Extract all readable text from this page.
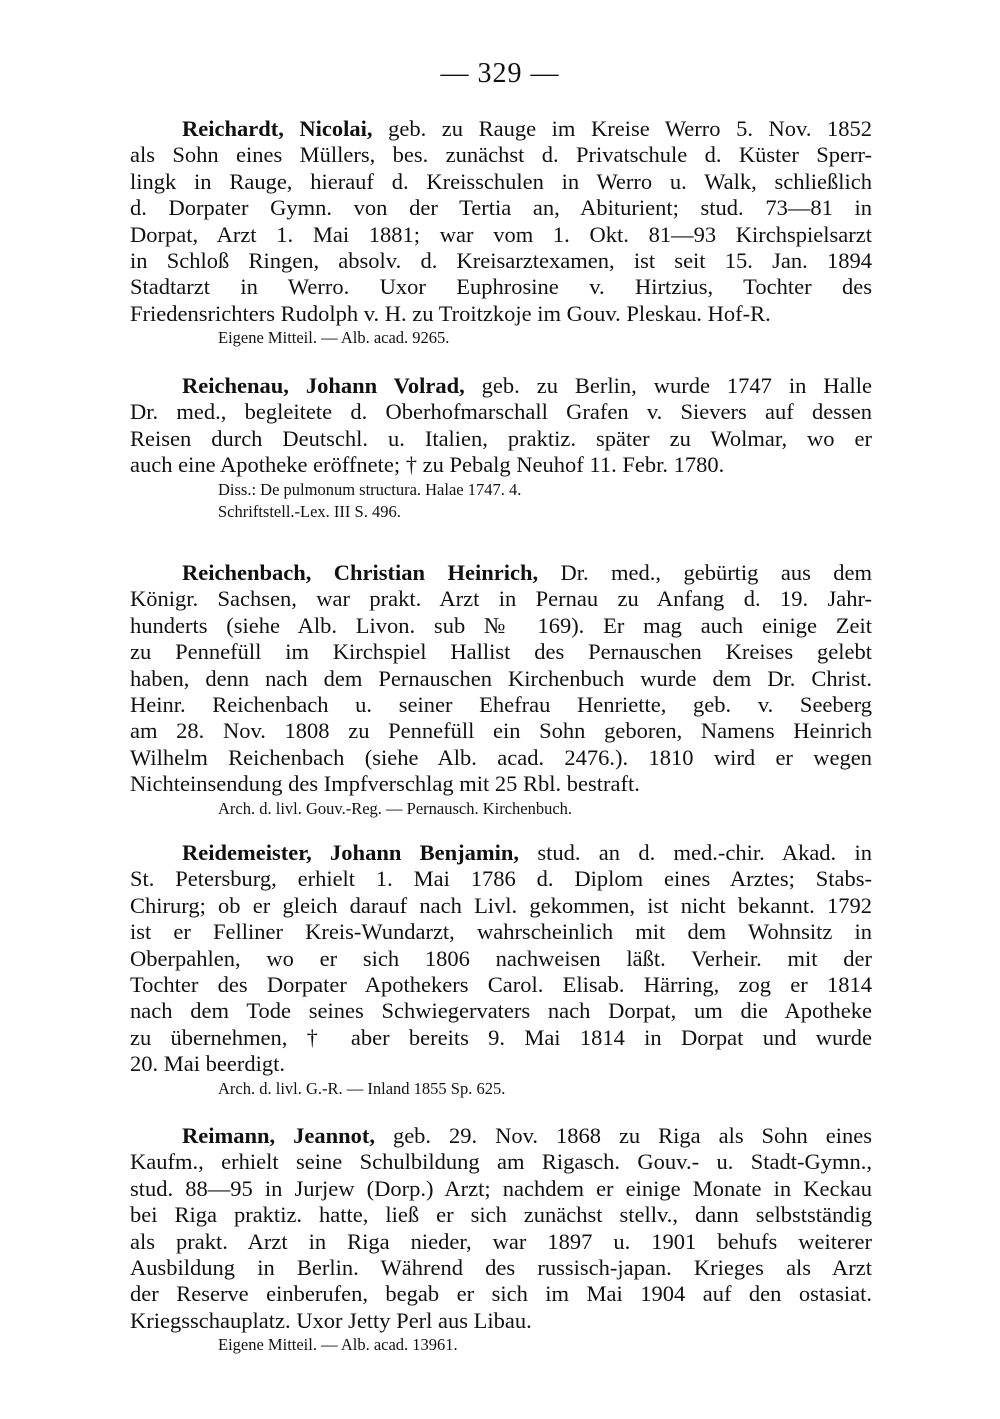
— 329 —
Reichardt, Nicolai, geb. zu Rauge im Kreise Werro 5. Nov. 1852
als Sohn eines Müllers, bes. zunächst d. Privatschule d. Küster Sperr-
lingk in Rauge, hierauf d. Kreisschulen in Werro u. Walk, schließlich
d. Dorpater Gymn. von der Tertia an, Abiturient; stud. 73—81 in
Dorpat, Arzt 1. Mai 1881; war vom 1. Okt. 81—93 Kirchspielsarzt
in Schloß Ringen, absolv. d. Kreisarztexamen, ist seit 15. Jan. 1894
Stadtarzt in Werro. Uxor Euphrosine v. Hirtzius, Tochter des
Friedensrichters Rudolph v. H. zu Troitzkoje im Gouv. Pleskau. Hof-R.
Eigene Mitteil. — Alb. acad. 9265.
Reichenau, Johann Volrad, geb. zu Berlin, wurde 1747 in Halle
Dr. med., begleitete d. Oberhofmarschall Grafen v. Sievers auf dessen
Reisen durch Deutschl. u. Italien, praktiz. später zu Wolmar, wo er
auch eine Apotheke eröffnete; † zu Pebalg Neuhof 11. Febr. 1780.
Diss.: De pulmonum structura. Halae 1747. 4.
Schriftstell.-Lex. III S. 496.
Reichenbach, Christian Heinrich, Dr. med., gebürtig aus dem
Königr. Sachsen, war prakt. Arzt in Pernau zu Anfang d. 19. Jahr-
hunderts (siehe Alb. Livon. sub № 169). Er mag auch einige Zeit
zu Pennefüll im Kirchspiel Hallist des Pernauschen Kreises gelebt
haben, denn nach dem Pernauschen Kirchenbuch wurde dem Dr. Christ.
Heinr. Reichenbach u. seiner Ehefrau Henriette, geb. v. Seeberg
am 28. Nov. 1808 zu Pennefüll ein Sohn geboren, Namens Heinrich
Wilhelm Reichenbach (siehe Alb. acad. 2476.). 1810 wird er wegen
Nichteinsendung des Impfverschlag mit 25 Rbl. bestraft.
Arch. d. livl. Gouv.-Reg. — Pernausch. Kirchenbuch.
Reidemeister, Johann Benjamin, stud. an d. med.-chir. Akad. in
St. Petersburg, erhielt 1. Mai 1786 d. Diplom eines Arztes; Stabs-
Chirurg; ob er gleich darauf nach Livl. gekommen, ist nicht bekannt. 1792
ist er Felliner Kreis-Wundarzt, wahrscheinlich mit dem Wohnsitz in
Oberpahlen, wo er sich 1806 nachweisen läßt. Verheir. mit der
Tochter des Dorpater Apothekers Carol. Elisab. Härring, zog er 1814
nach dem Tode seines Schwiegervaters nach Dorpat, um die Apotheke
zu übernehmen, † aber bereits 9. Mai 1814 in Dorpat und wurde
20. Mai beerdigt.
Arch. d. livl. G.-R. — Inland 1855 Sp. 625.
Reimann, Jeannot, geb. 29. Nov. 1868 zu Riga als Sohn eines
Kaufm., erhielt seine Schulbildung am Rigasch. Gouv.- u. Stadt-Gymn.,
stud. 88—95 in Jurjew (Dorp.) Arzt; nachdem er einige Monate in Keckau
bei Riga praktiz. hatte, ließ er sich zunächst stellv., dann selbstständig
als prakt. Arzt in Riga nieder, war 1897 u. 1901 behufs weiterer
Ausbildung in Berlin. Während des russisch-japan. Krieges als Arzt
der Reserve einberufen, begab er sich im Mai 1904 auf den ostasiat.
Kriegsschauplatz. Uxor Jetty Perl aus Libau.
Eigene Mitteil. — Alb. acad. 13961.
